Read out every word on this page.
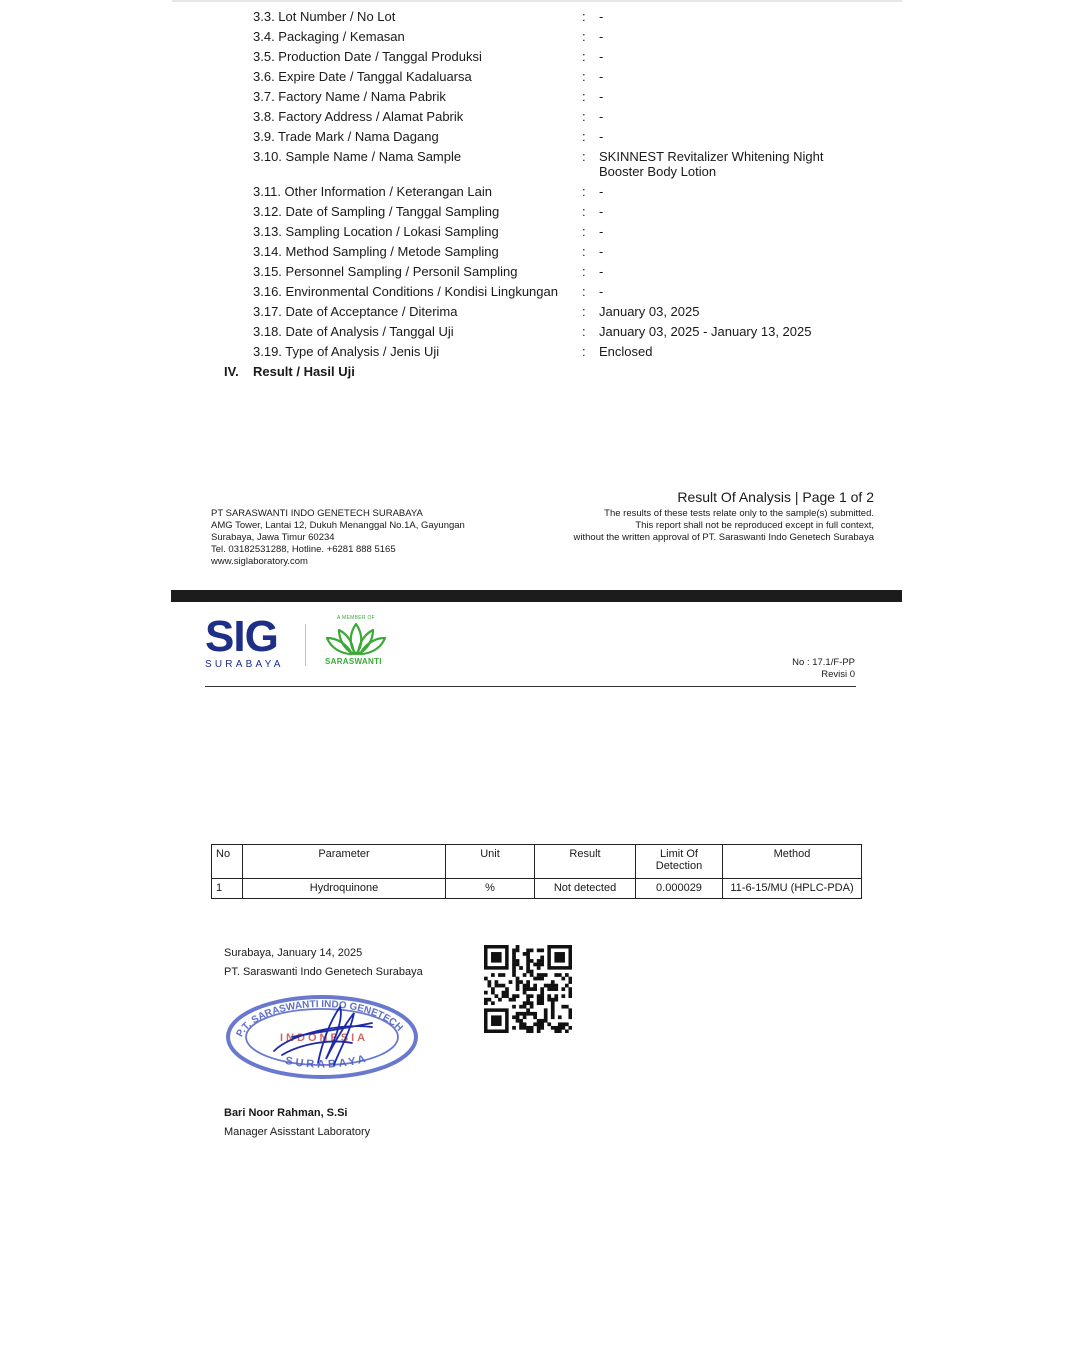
3.3. Lot Number / No Lot	: -
3.4. Packaging / Kemasan	: -
3.5. Production Date / Tanggal Produksi	: -
3.6. Expire Date / Tanggal Kadaluarsa	: -
3.7. Factory Name / Nama Pabrik	: -
3.8. Factory Address / Alamat Pabrik	: -
3.9. Trade Mark / Nama Dagang	: -
3.10. Sample Name / Nama Sample	: SKINNEST Revitalizer Whitening Night
Booster Body Lotion
3.11. Other Information / Keterangan Lain	: -
3.12. Date of Sampling / Tanggal Sampling	: -
3.13. Sampling Location / Lokasi Sampling	: -
3.14. Method Sampling / Metode Sampling	: -
3.15. Personnel Sampling / Personil Sampling	: -
3.16. Environmental Conditions / Kondisi Lingkungan : -
3.17. Date of Acceptance / Diterima	: January 03, 2025
3.18. Date of Analysis / Tanggal Uji	: January 03, 2025 - January 13, 2025
3.19. Type of Analysis / Jenis Uji	: Enclosed
IV. Result / Hasil Uji
PT SARASWANTI INDO GENETECH SURABAYA
AMG Tower, Lantai 12, Dukuh Menanggal No.1A, Gayungan
Surabaya, Jawa Timur 60234
Tel. 03182531288, Hotline. +6281 888 5165
www.siglaboratory.com
Result Of Analysis | Page 1 of 2
The results of these tests relate only to the sample(s) submitted.
This report shall not be reproduced except in full context,
without the written approval of PT. Saraswanti Indo Genetech Surabaya
SIG
SURABAYA
A MEMBER OF
SARASWANTI	No : 17.1/F-PP
Revisi 0
No	Parameter	Unit	Result	Limit Of Detection	Method
1	Hydroquinone	%	Not detected	0.000029	11-6-15/MU (HPLC-PDA)
Surabaya, January 14, 2025
PT. Saraswanti Indo Genetech Surabaya
P.T. SARASWANTI INDO GENETECH
INDONESIA
SURABAYA
Bari Noor Rahman, S.Si
Manager Asisstant Laboratory
